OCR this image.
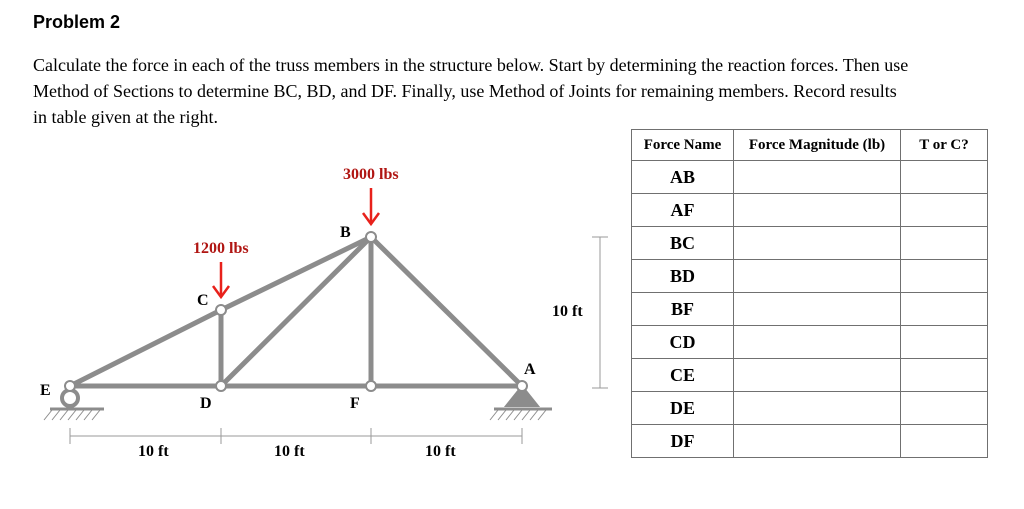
Problem 2
Calculate the force in each of the truss members in the structure below. Start by determining the reaction forces. Then use
Method of Sections to determine BC, BD, and DF. Finally, use Method of Joints for remaining members. Record results
in table given at the right.
3000 lbs
1200 lbs
E
D	F
A
C
B
10 ft	10 ft	10 ft
10 ft
Force Name	Force Magnitude (lb)	T or C?
AB		
AF		
BC		
BD		
BF		
CD		
CE		
DE		
DF		
